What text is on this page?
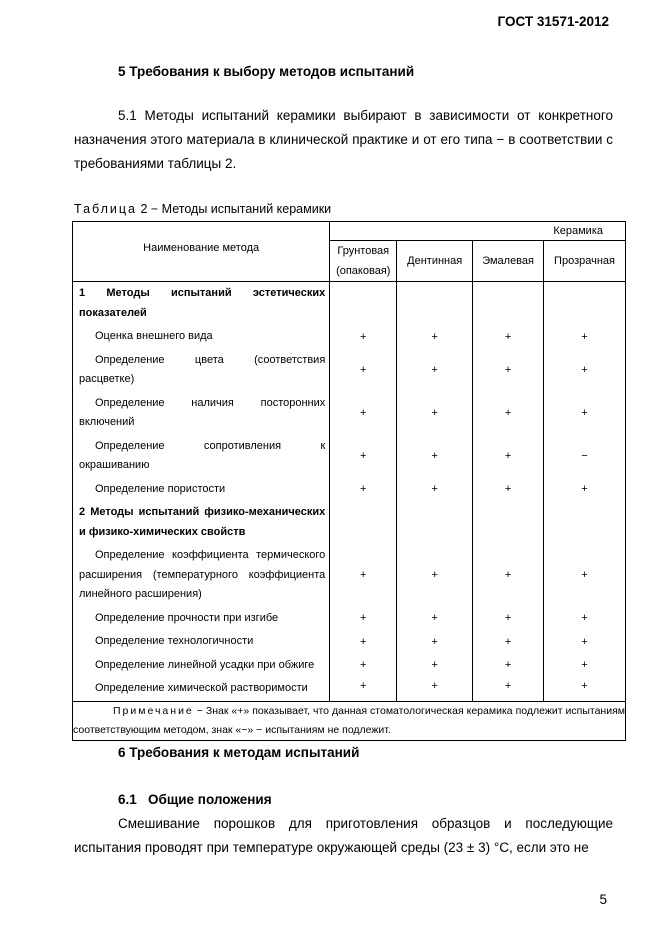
ГОСТ 31571-2012
5 Требования к выбору методов испытаний

5.1 Методы испытаний керамики выбирают в зависимости от конкретного назначения этого материала в клинической практике и от его типа − в соответствии с требованиями таблицы 2.

Таблица 2 − Методы испытаний керамики
Наименование метода	Керамика			
	Грунтовая (опаковая)	Дентинная	Эмалевая	Прозрачная
1 Методы испытаний эстетических показателей				
Оценка внешнего вида	+	+	+	+
Определение цвета (соответствия расцветке)	+	+	+	+
Определение наличия посторонних включений	+	+	+	+
Определение сопротивления к окрашиванию	+	+	+	−
Определение пористости	+	+	+	+
2 Методы испытаний физико-механических и физико-химических свойств				
Определение коэффициента термического расширения (температурного коэффициента линейного расширения)	+	+	+	+
Определение прочности при изгибе	+	+	+	+
Определение технологичности	+	+	+	+
Определение линейной усадки при обжиге	+	+	+	+
Определение химической растворимости	+	+	+	+

Примечание − Знак «+» показывает, что данная стоматологическая керамика подлежит испытаниям соответствующим методом, знак «−» − испытаниям не подлежит.				
6 Требования к методам испытаний
6.1   Общие положения

Смешивание порошков для приготовления образцов и последующие испытания проводят при температуре окружающей среды (23 ± 3) °С, если это не

5
